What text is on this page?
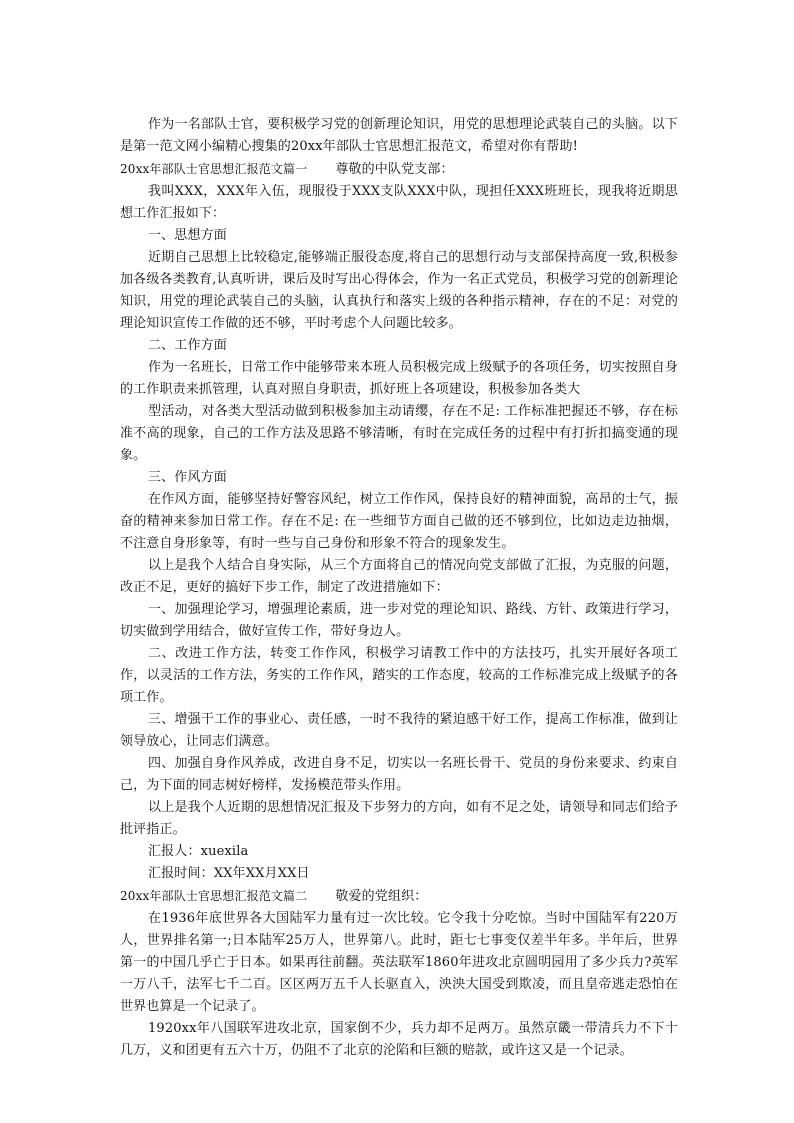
作为一名部队士官，要积极学习党的创新理论知识，用党的思想理论武装自己的头脑。以下是第一范文网小编精心搜集的20xx年部队士官思想汇报范文，希望对你有帮助!

20xx年部队士官思想汇报范文篇一 尊敬的中队党支部：

我叫XXX，XXX年入伍，现服役于XXX支队XXX中队，现担任XXX班班长，现我将近期思想工作汇报如下：

一、思想方面

近期自己思想上比较稳定,能够端正服役态度,将自己的思想行动与支部保持高度一致,积极参加各级各类教育,认真听讲，课后及时写出心得体会，作为一名正式党员，积极学习党的创新理论知识，用党的理论武装自己的头脑，认真执行和落实上级的各种指示精神，存在的不足：对党的理论知识宣传工作做的还不够，平时考虑个人问题比较多。

二、工作方面

作为一名班长，日常工作中能够带来本班人员积极完成上级赋予的各项任务，切实按照自身的工作职责来抓管理，认真对照自身职责，抓好班上各项建设，积极参加各类大

型活动，对各类大型活动做到积极参加主动请缨，存在不足: 工作标准把握还不够，存在标准不高的现象，自己的工作方法及思路不够清晰，有时在完成任务的过程中有打折扣搞变通的现象。

三、作风方面

在作风方面，能够坚持好警容风纪，树立工作作风，保持良好的精神面貌，高昂的士气，振奋的精神来参加日常工作。存在不足: 在一些细节方面自己做的还不够到位，比如边走边抽烟，不注意自身形象等，有时一些与自己身份和形象不符合的现象发生。

以上是我个人结合自身实际，从三个方面将自己的情况向党支部做了汇报，为克服的问题，改正不足，更好的搞好下步工作，制定了改进措施如下：

一、加强理论学习，增强理论素质，进一步对党的理论知识、路线、方针、政策进行学习，切实做到学用结合，做好宣传工作，带好身边人。

二、改进工作方法，转变工作作风，积极学习请教工作中的方法技巧，扎实开展好各项工作，以灵活的工作方法，务实的工作作风，踏实的工作态度，较高的工作标准完成上级赋予的各项工作。

三、增强干工作的事业心、责任感，一时不我待的紧迫感干好工作，提高工作标准，做到让领导放心，让同志们满意。

四、加强自身作风养成，改进自身不足，切实以一名班长骨干、党员的身份来要求、约束自己，为下面的同志树好榜样，发扬模范带头作用。

以上是我个人近期的思想情况汇报及下步努力的方向，如有不足之处，请领导和同志们给予批评指正。

汇报人：xuexila

汇报时间：XX年XX月XX日

20xx年部队士官思想汇报范文篇二 敬爱的党组织：

在1936年底世界各大国陆军力量有过一次比较。它令我十分吃惊。当时中国陆军有220万人，世界排名第一;日本陆军25万人，世界第八。此时，距七七事变仅差半年多。半年后，世界第一的中国几乎亡于日本。如果再往前翻。英法联军1860年进攻北京圆明园用了多少兵力?英军一万八千，法军七千二百。区区两万五千人长驱直入，泱泱大国受到欺凌，而且皇帝逃走恐怕在世界也算是一个记录了。

1920xx年八国联军进攻北京，国家倒不少，兵力却不足两万。虽然京畿一带清兵力不下十几万，义和团更有五六十万，仍阻不了北京的沦陷和巨额的赔款，或许这又是一个记录。
